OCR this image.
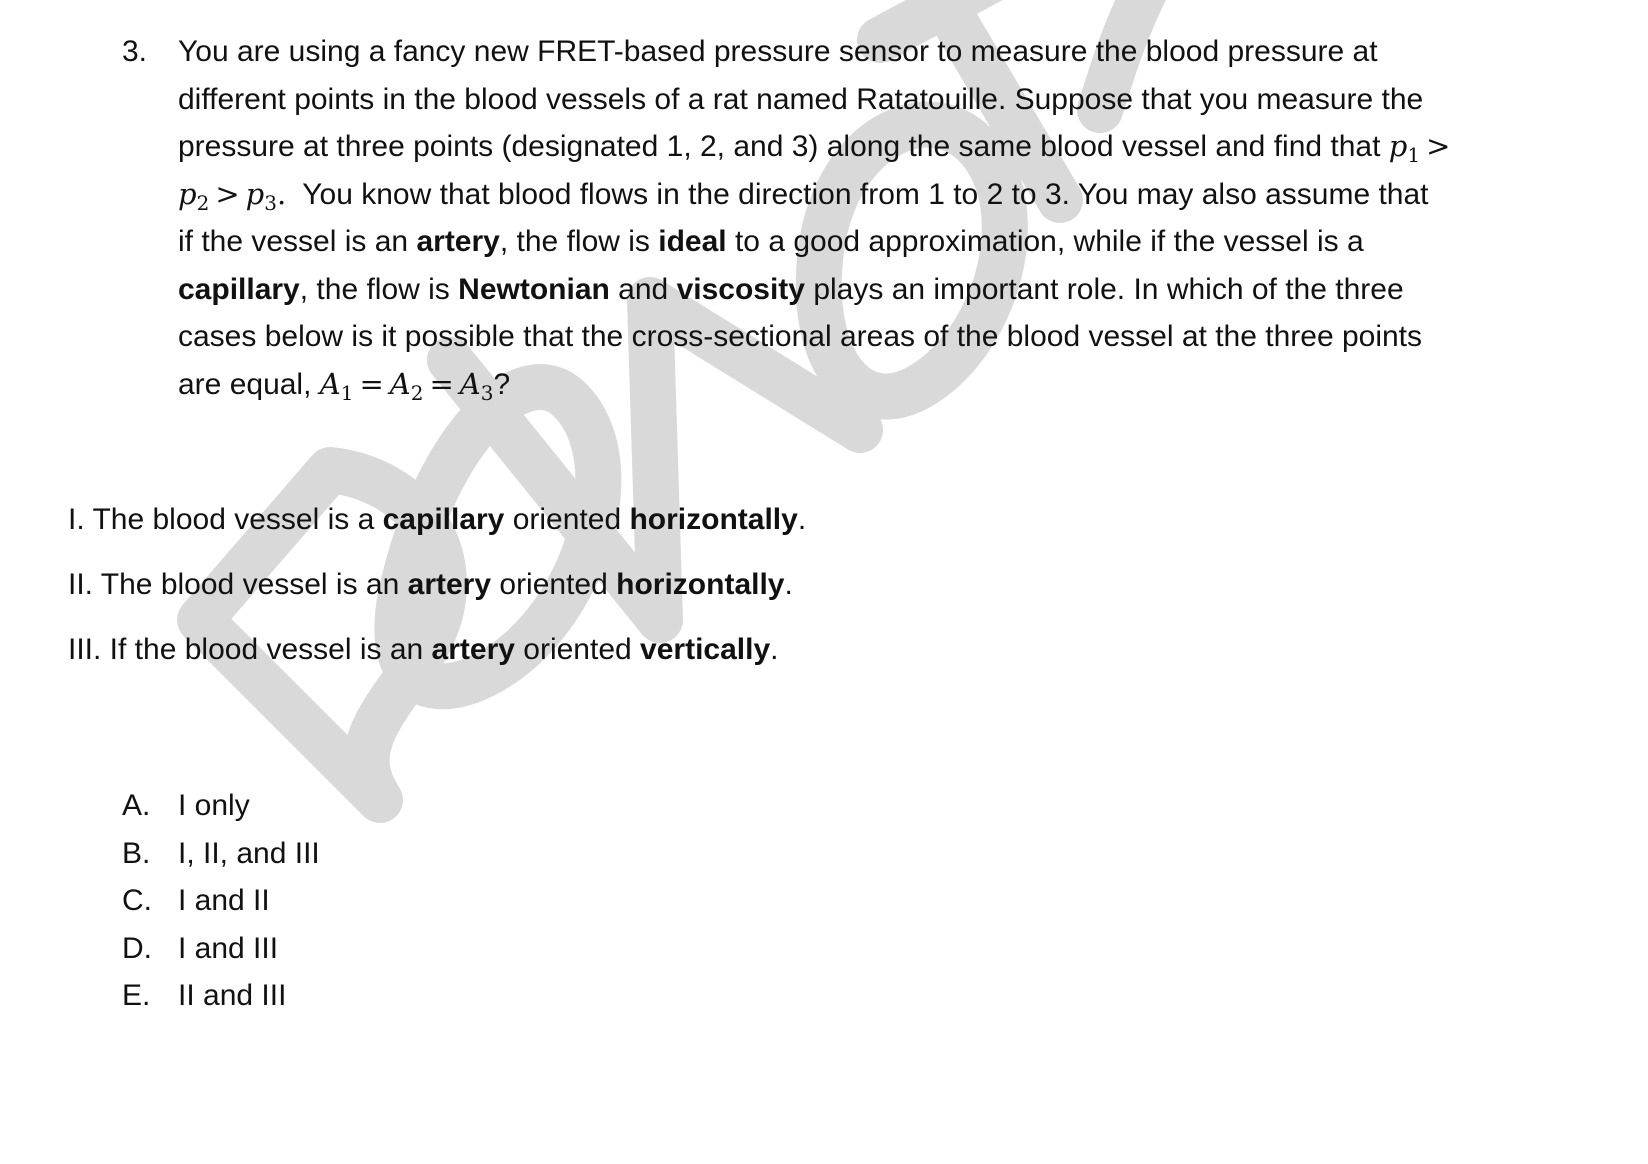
3. You are using a fancy new FRET-based pressure sensor to measure the blood pressure at
different points in the blood vessels of a rat named Ratatouille. Suppose that you measure the
pressure at three points (designated 1, 2, and 3) along the same blood vessel and find that $p_1$ >
$p_2 > p_3$.  You know that blood flows in the direction from 1 to 2 to 3. You may also assume that
if the vessel is an artery, the flow is ideal to a good approximation, while if the vessel is a
capillary, the flow is Newtonian and viscosity plays an important role. In which of the three
cases below is it possible that the cross-sectional areas of the blood vessel at the three points
are equal, $A_1 = A_2 = A_3$?
I. The blood vessel is a capillary oriented horizontally.
II. The blood vessel is an artery oriented horizontally.
III. If the blood vessel is an artery oriented vertically.
A. I only
B. I, II, and III
C. I and II
D. I and III
E. II and III
